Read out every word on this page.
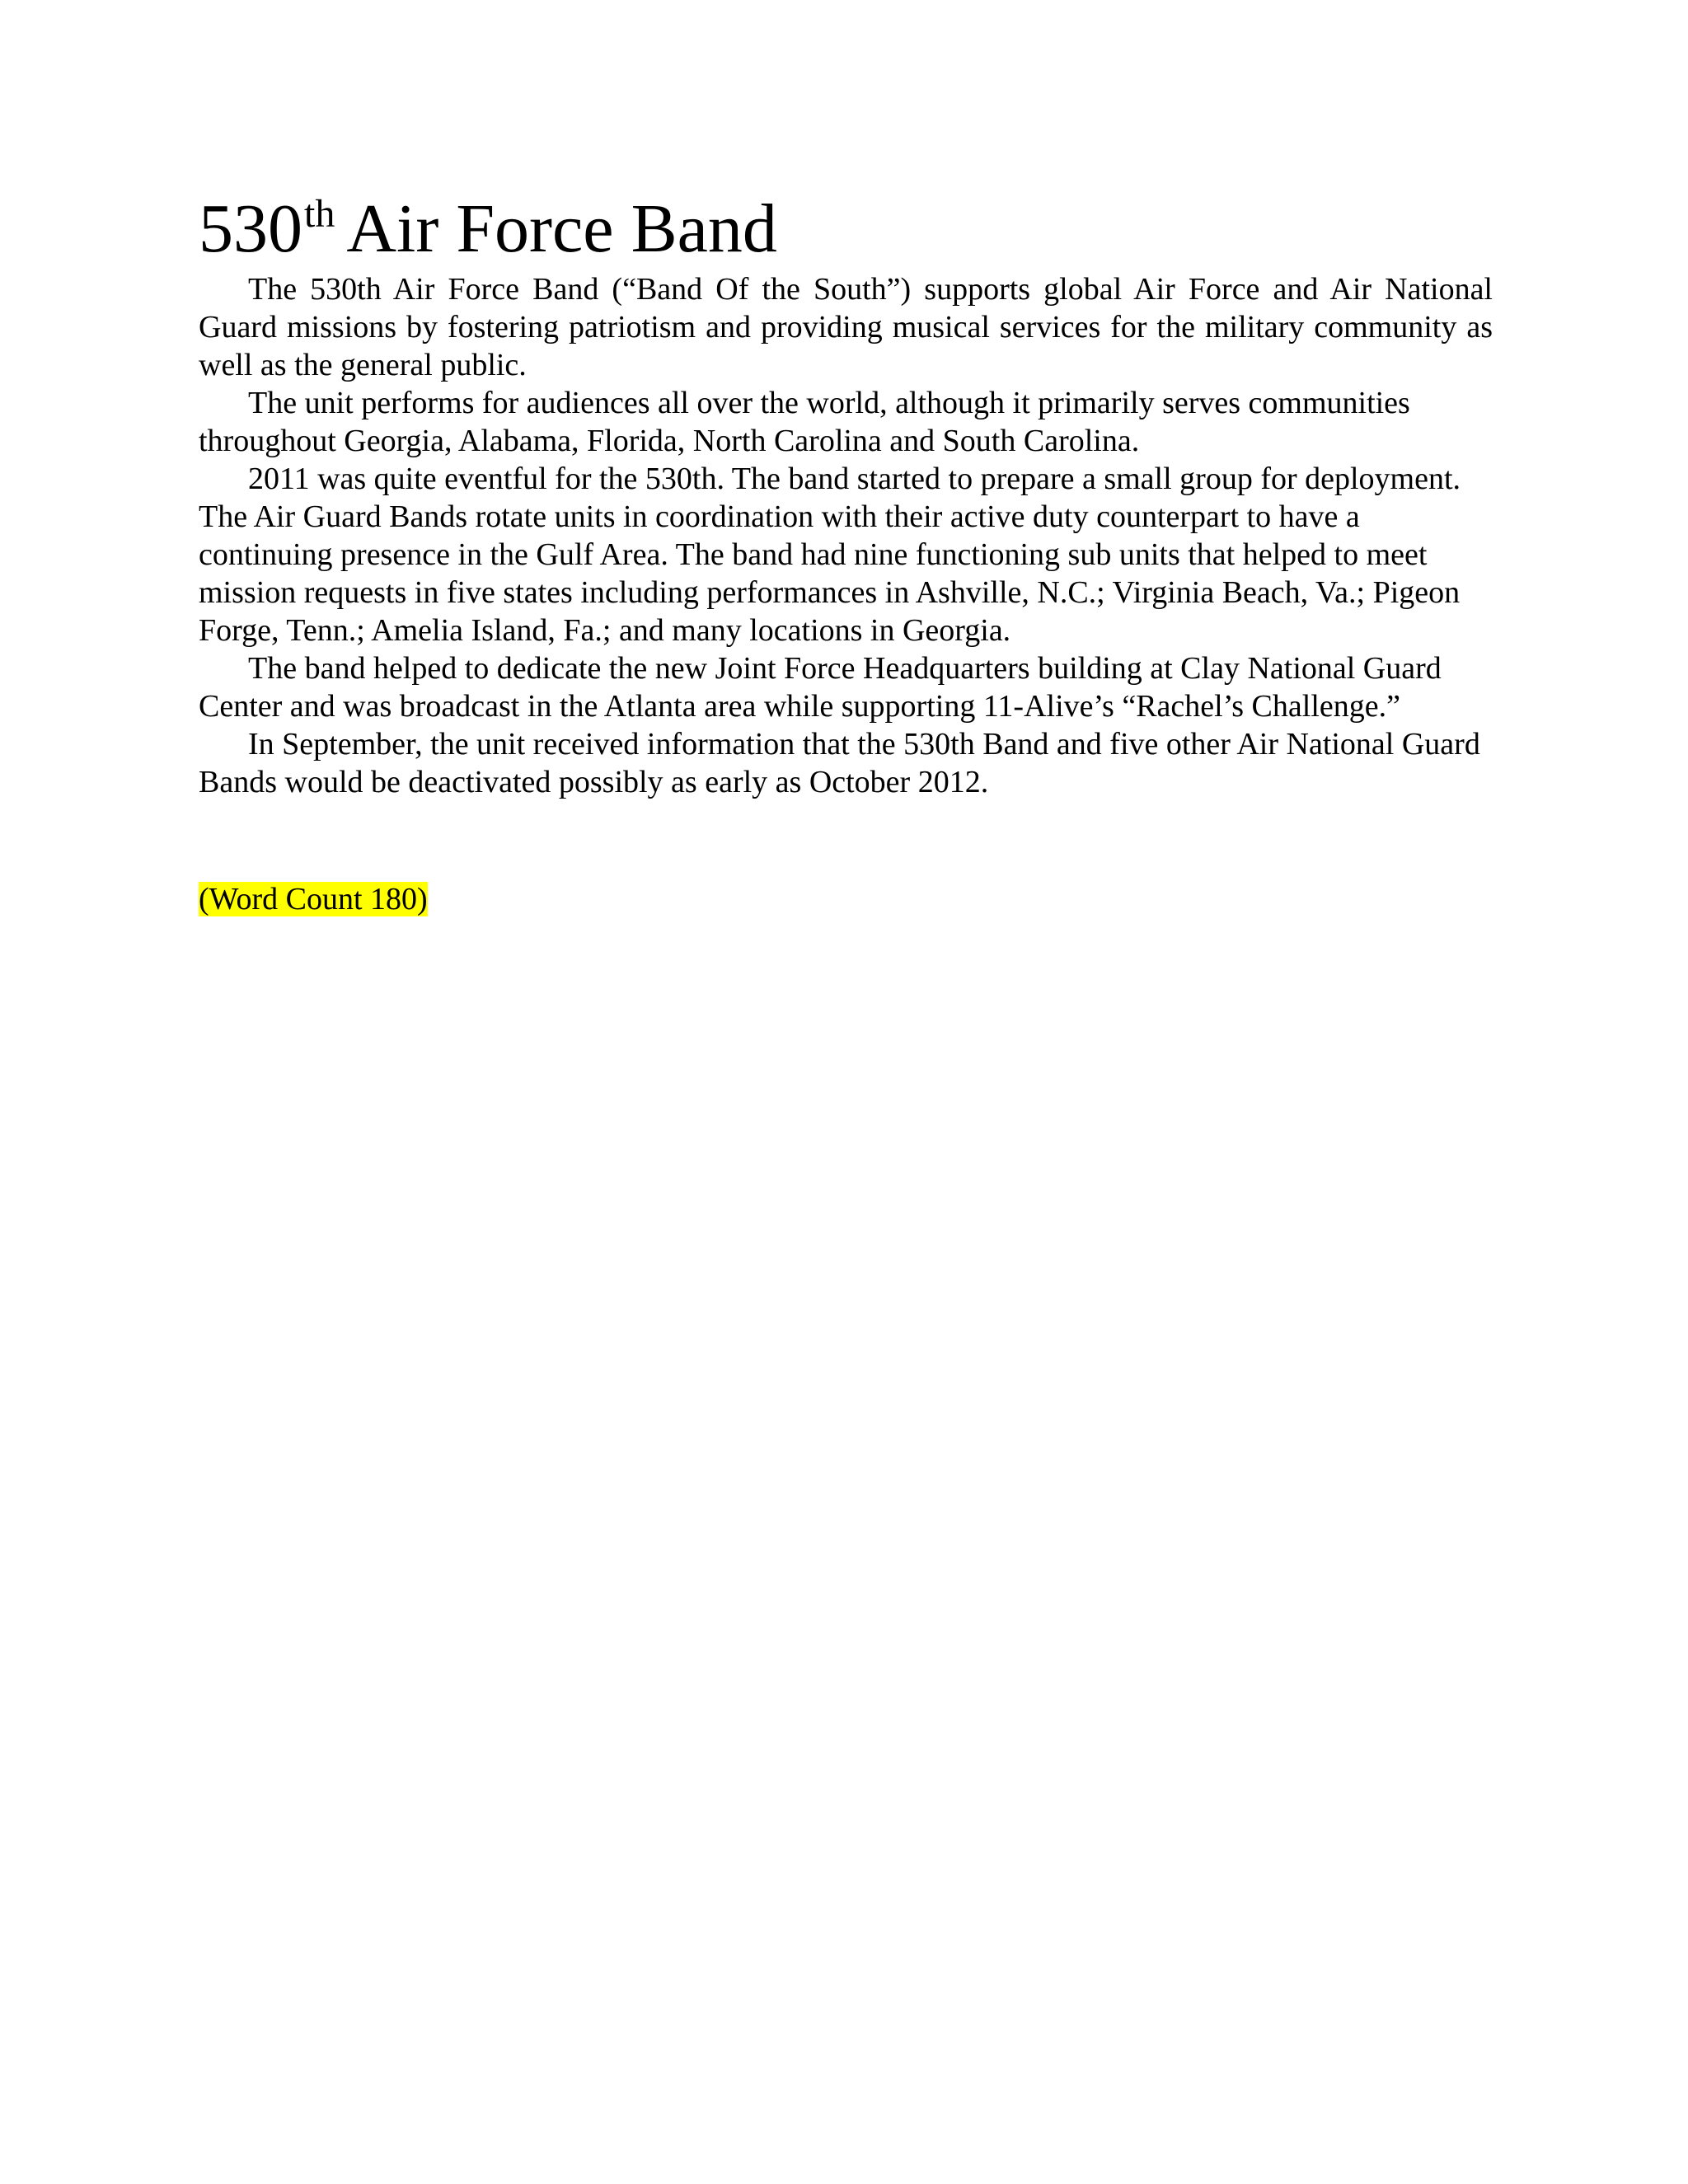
530th Air Force Band

The 530th Air Force Band (“Band Of the South”) supports global Air Force and Air National Guard missions by fostering patriotism and providing musical services for the military community as well as the general public.

The unit performs for audiences all over the world, although it primarily serves communities throughout Georgia, Alabama, Florida, North Carolina and South Carolina.

2011 was quite eventful for the 530th. The band started to prepare a small group for deployment. The Air Guard Bands rotate units in coordination with their active duty counterpart to have a continuing presence in the Gulf Area. The band had nine functioning sub units that helped to meet mission requests in five states including performances in Ashville, N.C.; Virginia Beach, Va.; Pigeon Forge, Tenn.; Amelia Island, Fa.; and many locations in Georgia.

The band helped to dedicate the new Joint Force Headquarters building at Clay National Guard Center and was broadcast in the Atlanta area while supporting 11-Alive’s “Rachel’s Challenge.”

In September, the unit received information that the 530th Band and five other Air National Guard Bands would be deactivated possibly as early as October 2012.

(Word Count 180)
